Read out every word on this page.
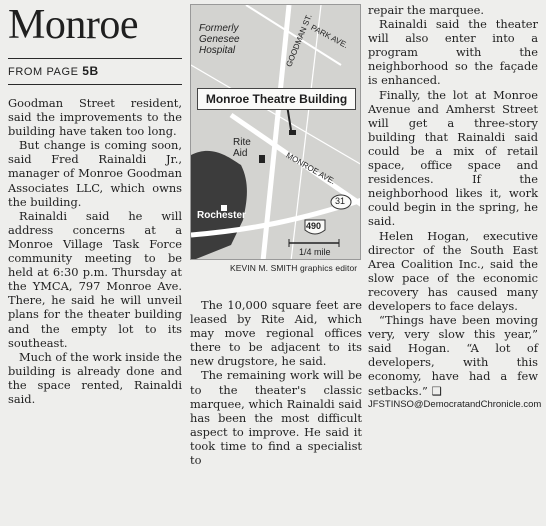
Monroe
FROM PAGE 5B

Goodman Street resident, said the improvements to the building have taken too long.

But change is coming soon, said Fred Rainaldi Jr., manager of Monroe Goodman Associates LLC, which owns the building.

Rainaldi said he will address concerns at a Monroe Village Task Force community meeting to be held at 6:30 p.m. Thursday at the YMCA, 797 Monroe Ave. There, he said he will unveil plans for the theater building and the empty lot to its southeast.

Much of the work inside the building is already done and the space rented, Rainaldi said.

Formerly Genesee Hospital	GOODMAN ST.
PARK AVE.
Monroe Theatre Building
Rite Aid	MONROE AVE.
Rochester
31
490
1/4 mile
KEVIN M. SMITH graphics editor

The 10,000 square feet are leased by Rite Aid, which may move regional offices there to be adjacent to its new drugstore, he said.

The remaining work will be to the theater's classic marquee, which Rainaldi said has been the most difficult aspect to improve. He said it took time to find a specialist to

repair the marquee.

Rainaldi said the theater will also enter into a program with the neighborhood so the façade is enhanced.

Finally, the lot at Monroe Avenue and Amherst Street will get a three-story building that Rainaldi said could be a mix of retail space, office space and residences. If the neighborhood likes it, work could begin in the spring, he said.

Helen Hogan, executive director of the South East Area Coalition Inc., said the slow pace of the economic recovery has caused many developers to face delays.

“Things have been moving very, very slow this year,” said Hogan. “A lot of developers, with this economy, have had a few setbacks.” ❑

JFSTINSO@DemocratandChronicle.com
